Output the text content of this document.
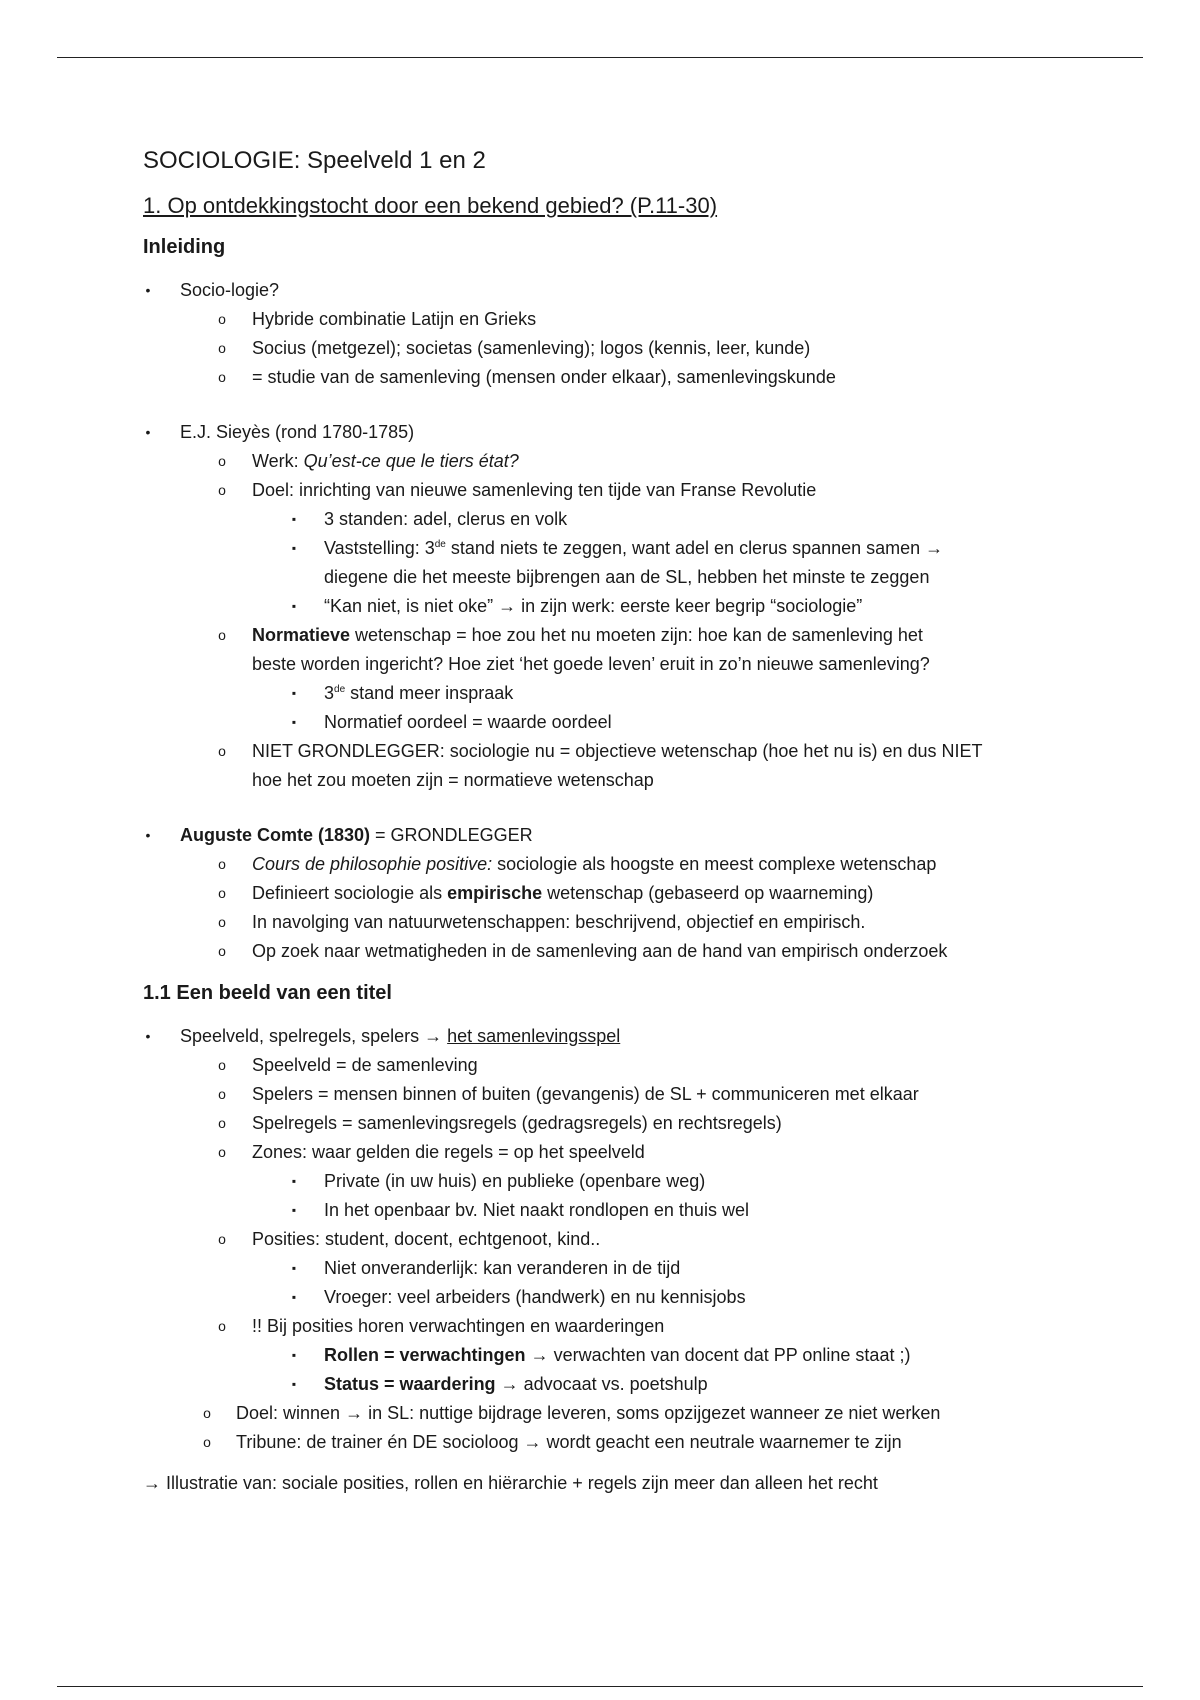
SOCIOLOGIE: Speelveld 1 en 2
1. Op ontdekkingstocht door een bekend gebied? (P.11-30)
Inleiding
• Socio-logie?
o Hybride combinatie Latijn en Grieks
o Socius (metgezel); societas (samenleving); logos (kennis, leer, kunde)
o = studie van de samenleving (mensen onder elkaar), samenlevingskunde
• E.J. Sieyès (rond 1780-1785)
o Werk: Qu’est-ce que le tiers état?
o Doel: inrichting van nieuwe samenleving ten tijde van Franse Revolutie
▪ 3 standen: adel, clerus en volk
▪ Vaststelling: 3de stand niets te zeggen, want adel en clerus spannen samen →
diegene die het meeste bijbrengen aan de SL, hebben het minste te zeggen
▪ “Kan niet, is niet oke” → in zijn werk: eerste keer begrip “sociologie”
o Normatieve wetenschap = hoe zou het nu moeten zijn: hoe kan de samenleving het
beste worden ingericht? Hoe ziet ‘het goede leven’ eruit in zo’n nieuwe samenleving?
▪ 3de stand meer inspraak
▪ Normatief oordeel = waarde oordeel
o NIET GRONDLEGGER: sociologie nu = objectieve wetenschap (hoe het nu is) en dus NIET
hoe het zou moeten zijn = normatieve wetenschap
• Auguste Comte (1830) = GRONDLEGGER
o Cours de philosophie positive: sociologie als hoogste en meest complexe wetenschap
o Definieert sociologie als empirische wetenschap (gebaseerd op waarneming)
o In navolging van natuurwetenschappen: beschrijvend, objectief en empirisch.
o Op zoek naar wetmatigheden in de samenleving aan de hand van empirisch onderzoek
1.1 Een beeld van een titel
• Speelveld, spelregels, spelers → het samenlevingsspel
o Speelveld = de samenleving
o Spelers = mensen binnen of buiten (gevangenis) de SL + communiceren met elkaar
o Spelregels = samenlevingsregels (gedragsregels) en rechtsregels)
o Zones: waar gelden die regels = op het speelveld
▪ Private (in uw huis) en publieke (openbare weg)
▪ In het openbaar bv. Niet naakt rondlopen en thuis wel
o Posities: student, docent, echtgenoot, kind..
▪ Niet onveranderlijk: kan veranderen in de tijd
▪ Vroeger: veel arbeiders (handwerk) en nu kennisjobs
o !! Bij posities horen verwachtingen en waarderingen
▪ Rollen = verwachtingen → verwachten van docent dat PP online staat ;)
▪ Status = waardering → advocaat vs. poetshulp
o Doel: winnen → in SL: nuttige bijdrage leveren, soms opzijgezet wanneer ze niet werken
o Tribune: de trainer én DE socioloog → wordt geacht een neutrale waarnemer te zijn
→ Illustratie van: sociale posities, rollen en hiërarchie + regels zijn meer dan alleen het recht
